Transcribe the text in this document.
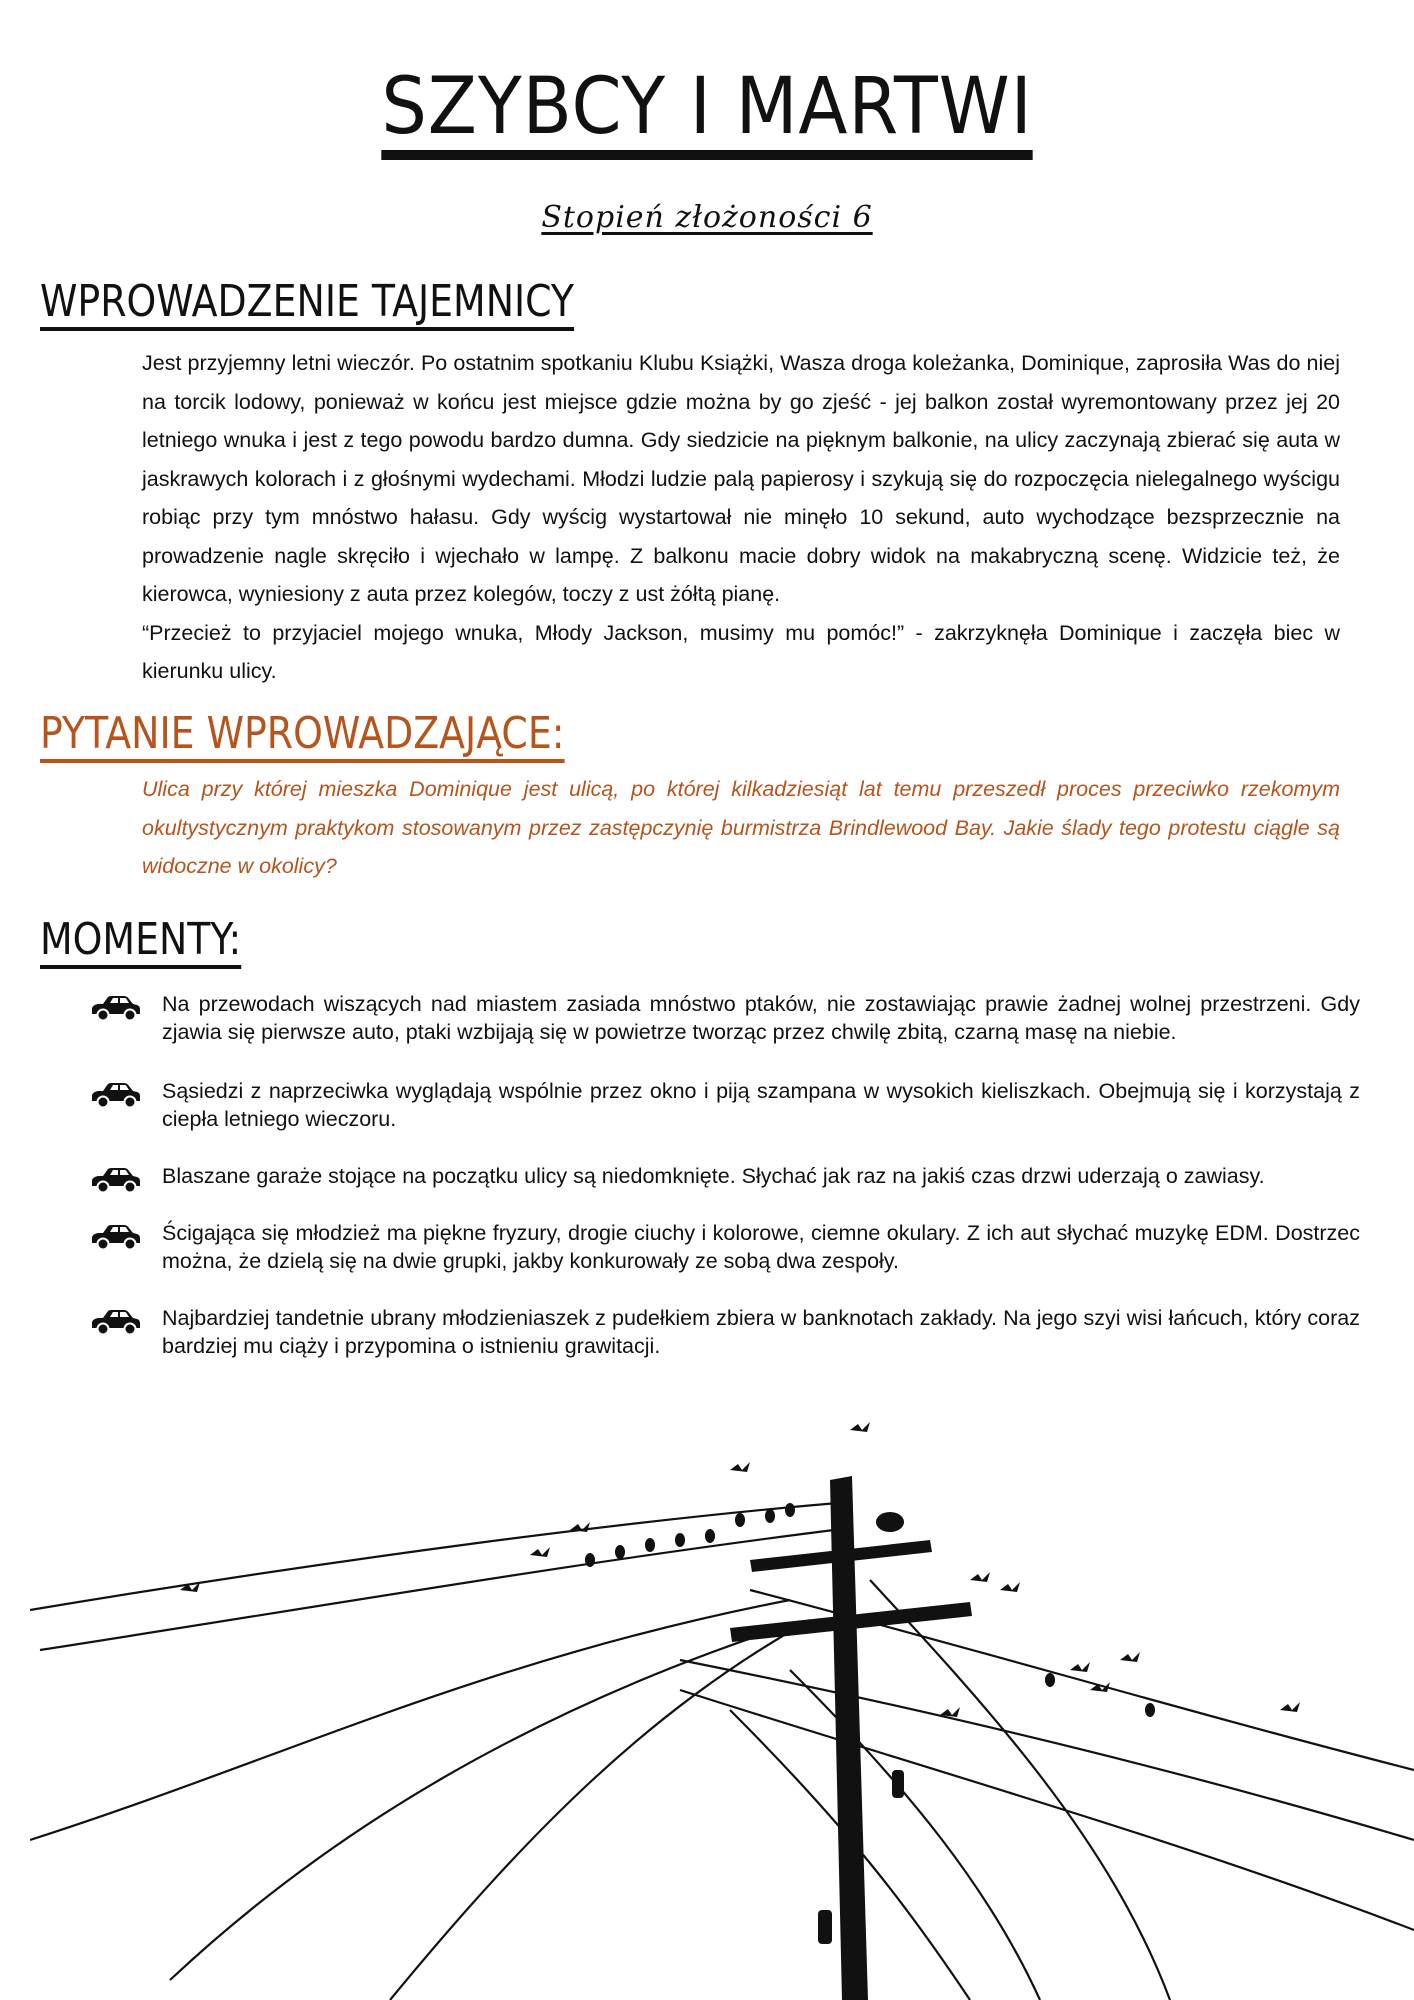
SZYBCY I MARTWI
Stopień złożoności 6
WPROWADZENIE TAJEMNICY

Jest przyjemny letni wieczór. Po ostatnim spotkaniu Klubu Książki, Wasza droga koleżanka, Dominique, zaprosiła Was do niej na torcik lodowy, ponieważ w końcu jest miejsce gdzie można by go zjeść - jej balkon został wyremontowany przez jej 20 letniego wnuka i jest z tego powodu bardzo dumna. Gdy siedzicie na pięknym balkonie, na ulicy zaczynają zbierać się auta w jaskrawych kolorach i z głośnymi wydechami. Młodzi ludzie palą papierosy i szykują się do rozpoczęcia nielegalnego wyścigu robiąc przy tym mnóstwo hałasu. Gdy wyścig wystartował nie minęło 10 sekund, auto wychodzące bezsprzecznie na prowadzenie nagle skręciło i wjechało w lampę. Z balkonu macie dobry widok na makabryczną scenę. Widzicie też, że kierowca, wyniesiony z auta przez kolegów, toczy z ust żółtą pianę.

“Przecież to przyjaciel mojego wnuka, Młody Jackson, musimy mu pomóc!” - zakrzyknęła Dominique i zaczęła biec w kierunku ulicy.

PYTANIE WPROWADZAJĄCE:
Ulica przy której mieszka Dominique jest ulicą, po której kilkadziesiąt lat temu przeszedł proces przeciwko rzekomym okultystycznym praktykom stosowanym przez zastępczynię burmistrza Brindlewood Bay. Jakie ślady tego protestu ciągle są widoczne w okolicy?
MOMENTY:
Na przewodach wiszących nad miastem zasiada mnóstwo ptaków, nie zostawiając prawie żadnej wolnej przestrzeni. Gdy zjawia się pierwsze auto, ptaki wzbijają się w powietrze tworząc przez chwilę zbitą, czarną masę na niebie.
Sąsiedzi z naprzeciwka wyglądają wspólnie przez okno i piją szampana w wysokich kieliszkach. Obejmują się i korzystają z ciepła letniego wieczoru.
Blaszane garaże stojące na początku ulicy są niedomknięte. Słychać jak raz na jakiś czas drzwi uderzają o zawiasy.
Ścigająca się młodzież ma piękne fryzury, drogie ciuchy i kolorowe, ciemne okulary. Z ich aut słychać muzykę EDM. Dostrzec można, że dzielą się na dwie grupki, jakby konkurowały ze sobą dwa zespoły.
Najbardziej tandetnie ubrany młodzieniaszek z pudełkiem zbiera w banknotach zakłady. Na jego szyi wisi łańcuch, który coraz bardziej mu ciąży i przypomina o istnieniu grawitacji.
